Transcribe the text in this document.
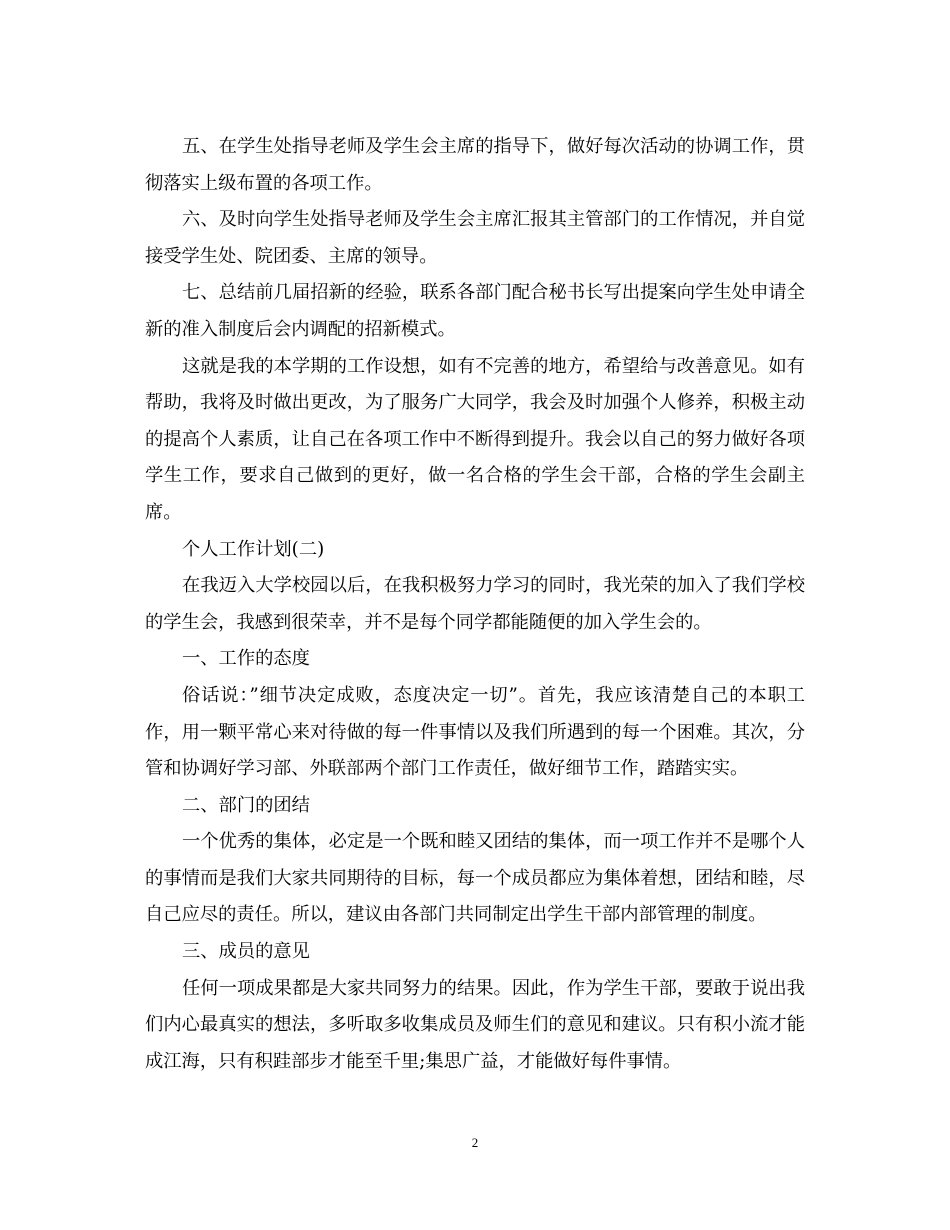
五、在学生处指导老师及学生会主席的指导下，做好每次活动的协调工作，贯彻落实上级布置的各项工作。

六、及时向学生处指导老师及学生会主席汇报其主管部门的工作情况，并自觉接受学生处、院团委、主席的领导。

七、总结前几届招新的经验，联系各部门配合秘书长写出提案向学生处申请全新的准入制度后会内调配的招新模式。

这就是我的本学期的工作设想，如有不完善的地方，希望给与改善意见。如有帮助，我将及时做出更改，为了服务广大同学，我会及时加强个人修养，积极主动的提高个人素质，让自己在各项工作中不断得到提升。我会以自己的努力做好各项学生工作，要求自己做到的更好，做一名合格的学生会干部，合格的学生会副主席。

个人工作计划(二)

在我迈入大学校园以后，在我积极努力学习的同时，我光荣的加入了我们学校的学生会，我感到很荣幸，并不是每个同学都能随便的加入学生会的。

一、工作的态度

俗话说：”细节决定成败，态度决定一切”。首先，我应该清楚自己的本职工作，用一颗平常心来对待做的每一件事情以及我们所遇到的每一个困难。其次，分管和协调好学习部、外联部两个部门工作责任，做好细节工作，踏踏实实。

二、部门的团结

一个优秀的集体，必定是一个既和睦又团结的集体，而一项工作并不是哪个人的事情而是我们大家共同期待的目标，每一个成员都应为集体着想，团结和睦，尽自己应尽的责任。所以，建议由各部门共同制定出学生干部内部管理的制度。

三、成员的意见

任何一项成果都是大家共同努力的结果。因此，作为学生干部，要敢于说出我们内心最真实的想法，多听取多收集成员及师生们的意见和建议。只有积小流才能成江海，只有积跬部步才能至千里;集思广益，才能做好每件事情。

2
